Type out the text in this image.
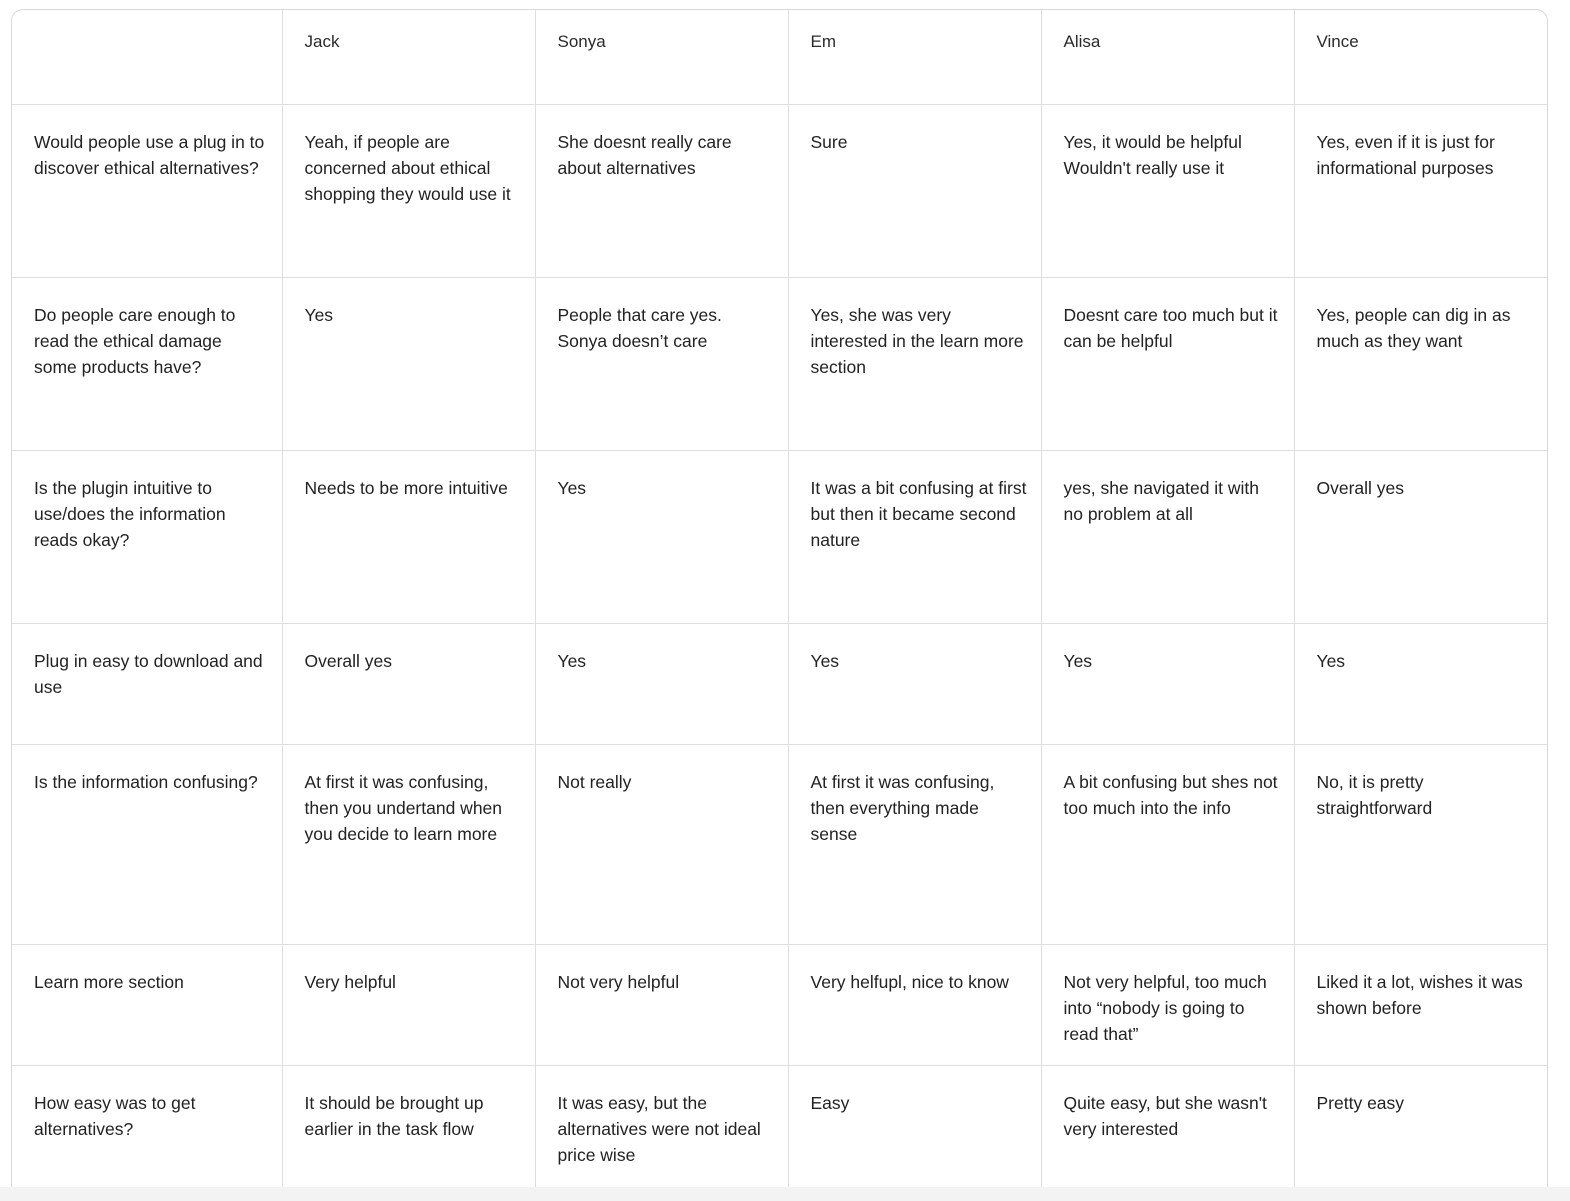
	Jack	Sonya	Em	Alisa	Vince
Would people use a plug in to discover ethical alternatives?	Yeah, if people are concerned about ethical shopping they would use it	She doesnt really care about alternatives	Sure	Yes, it would be helpful Wouldn't really use it	Yes, even if it is just for informational purposes
Do people care enough to read the ethical damage some products have?	Yes	People that care yes. Sonya doesn’t care	Yes, she was very interested in the learn more section	Doesnt care too much but it can be helpful	Yes, people can dig in as much as they want
Is the plugin intuitive to use/does the information reads okay?	Needs to be more intuitive	Yes	It was a bit confusing at first but then it became second nature	yes, she navigated it with no problem at all	Overall yes
Plug in easy to download and use	Overall yes	Yes	Yes	Yes	Yes
Is the information confusing?	At first it was confusing, then you undertand when you decide to learn more	Not really	At first it was confusing, then everything made sense	A bit confusing but shes not too much into the info	No, it is pretty straightforward
Learn more section	Very helpful	Not very helpful	Very helfupl, nice to know	Not very helpful, too much into “nobody is going to read that”	Liked it a lot, wishes it was shown before
How easy was to get alternatives?	It should be brought up earlier in the task flow	It was easy, but the alternatives were not ideal price wise	Easy	Quite easy, but she wasn't very interested	Pretty easy
